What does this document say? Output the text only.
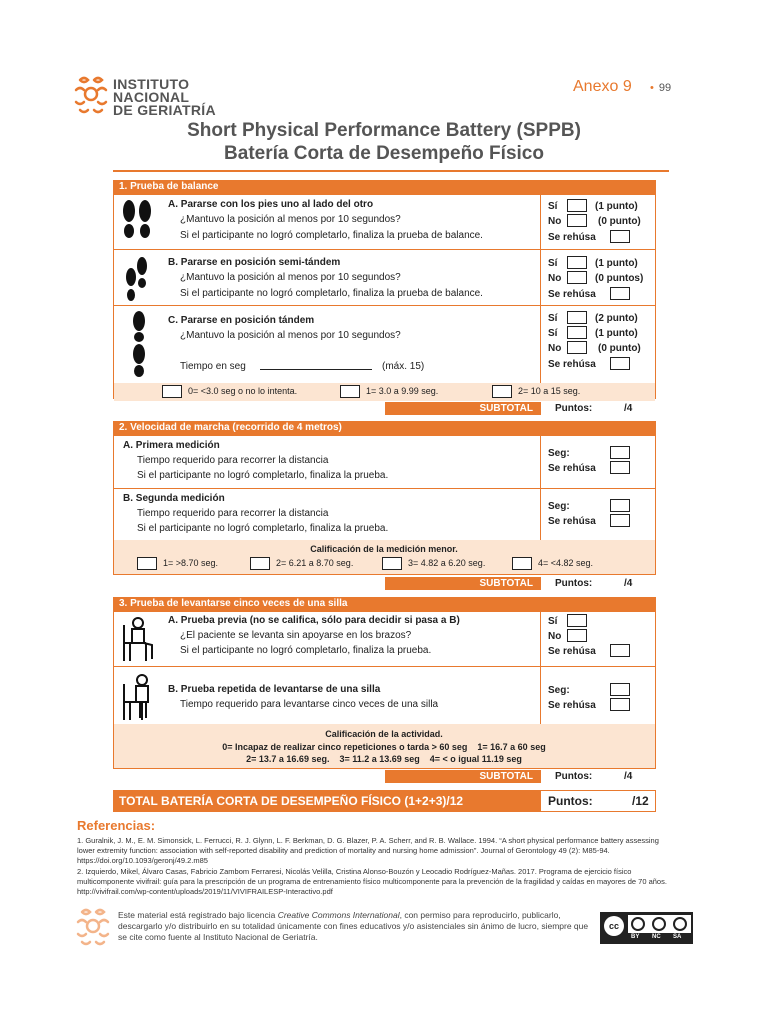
INSTITUTO
NACIONAL
DE GERIATRÍA
Anexo 9 • 99
Short Physical Performance Battery (SPPB)
Batería Corta de Desempeño Físico
1. Prueba de balance
A. Pararse con los pies uno al lado del otro
¿Mantuvo la posición al menos por 10 segundos?
Si el participante no logró completarlo, finaliza la prueba de balance.
Sí	(1 punto)
No	(0 punto)
Se rehúsa
B. Pararse en posición semi-tándem
¿Mantuvo la posición al menos por 10 segundos?
Si el participante no logró completarlo, finaliza la prueba de balance.
Sí	(1 punto)
No	(0 puntos)
Se rehúsa
C. Pararse en posición tándem
¿Mantuvo la posición al menos por 10 segundos?
Tiempo en seg	(máx. 15)
Sí	(2 punto)
Sí	(1 punto)
No	(0 punto)
Se rehúsa
0= <3.0 seg o no lo intenta.	1= 3.0 a 9.99 seg.	2= 10 a 15 seg.
SUBTOTAL	Puntos:	/4
2. Velocidad de marcha (recorrido de 4 metros)
A. Primera medición
Tiempo requerido para recorrer la distancia
Si el participante no logró completarlo, finaliza la prueba.
Seg:
Se rehúsa
B. Segunda medición
Tiempo requerido para recorrer la distancia
Si el participante no logró completarlo, finaliza la prueba.
Seg:
Se rehúsa
Calificación de la medición menor.
1= >8.70 seg.	2= 6.21 a 8.70 seg.	3= 4.82 a 6.20 seg.	4= <4.82 seg.
SUBTOTAL	Puntos:	/4
3. Prueba de levantarse cinco veces de una silla
A. Prueba previa (no se califica, sólo para decidir si pasa a B)
¿El paciente se levanta sin apoyarse en los brazos?
Si el participante no logró completarlo, finaliza la prueba.
Sí
No
Se rehúsa
B. Prueba repetida de levantarse de una silla
Tiempo requerido para levantarse cinco veces de una silla
Seg:
Se rehúsa
Calificación de la actividad.
0= Incapaz de realizar cinco repeticiones o tarda > 60 seg    1= 16.7 a 60 seg
2= 13.7 a 16.69 seg.    3= 11.2 a 13.69 seg    4= < o igual 11.19 seg
SUBTOTAL	Puntos:	/4
TOTAL BATERÍA CORTA DE DESEMPEÑO FÍSICO (1+2+3)/12	Puntos:	/12
Referencias:
1. Guralnik, J. M., E. M. Simonsick, L. Ferrucci, R. J. Glynn, L. F. Berkman, D. G. Blazer, P. A. Scherr, and R. B. Wallace. 1994. “A short physical performance battery assessing lower extremity function: association with self-reported disability and prediction of mortality and nursing home admission”. Journal of Gerontology 49 (2): M85-94. https://doi.org/10.1093/geronj/49.2.m85
2. Izquierdo, Mikel, Álvaro Casas, Fabricio Zambom Ferraresi, Nicolás Velilla, Cristina Alonso-Bouzón y Leocadio Rodríguez-Mañas. 2017. Programa de ejercicio físico multicomponente vivifrail: guía para la prescripción de un programa de entrenamiento físico multicomponente para la prevención de la fragilidad y caídas en mayores de 70 años. http://vivifrail.com/wp-content/uploads/2019/11/VIVIFRAILESP-Interactivo.pdf
Este material está registrado bajo licencia Creative Commons International, con permiso para reproducirlo, publicarlo, descargarlo y/o distribuirlo en su totalidad únicamente con fines educativos y/o asistenciales sin ánimo de lucro, siempre que se cite como fuente al Instituto Nacional de Geriatría.
cc
BY NC SA
